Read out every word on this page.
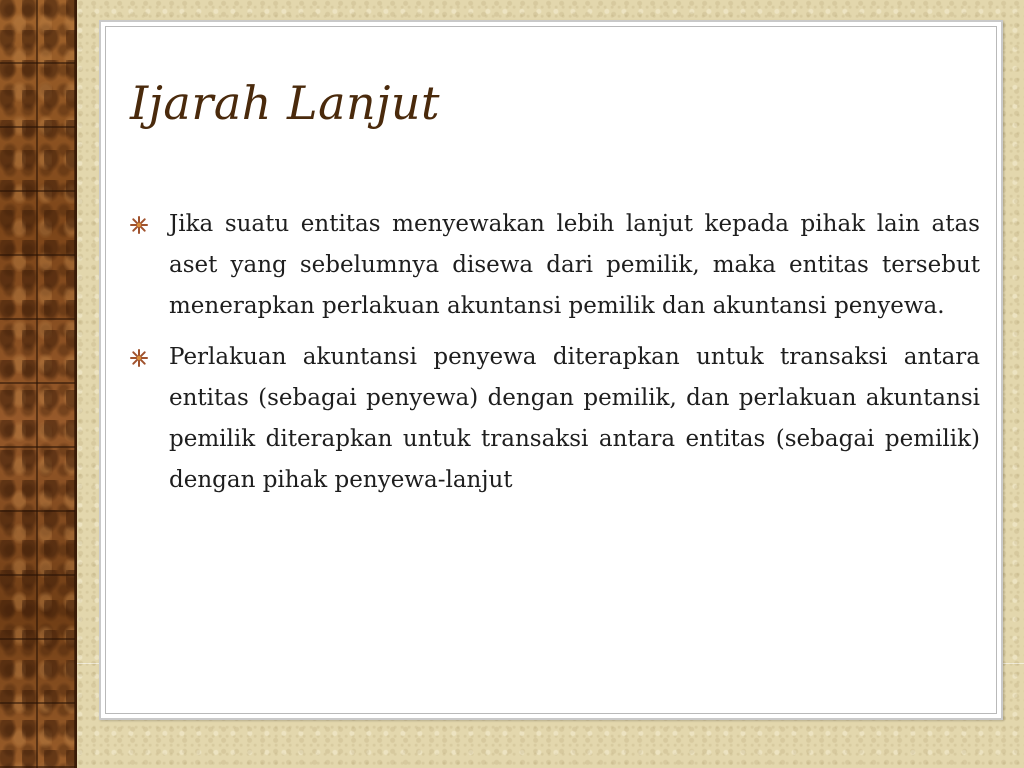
Ijarah Lanjut
Jika suatu entitas menyewakan lebih lanjut kepada pihak lain atas aset yang sebelumnya disewa dari pemilik, maka entitas tersebut menerapkan perlakuan akuntansi pemilik dan akuntansi penyewa.
Perlakuan akuntansi penyewa diterapkan untuk transaksi antara entitas (sebagai penyewa) dengan pemilik, dan perlakuan akuntansi pemilik diterapkan untuk transaksi antara entitas (sebagai pemilik) dengan pihak penyewa-lanjut
